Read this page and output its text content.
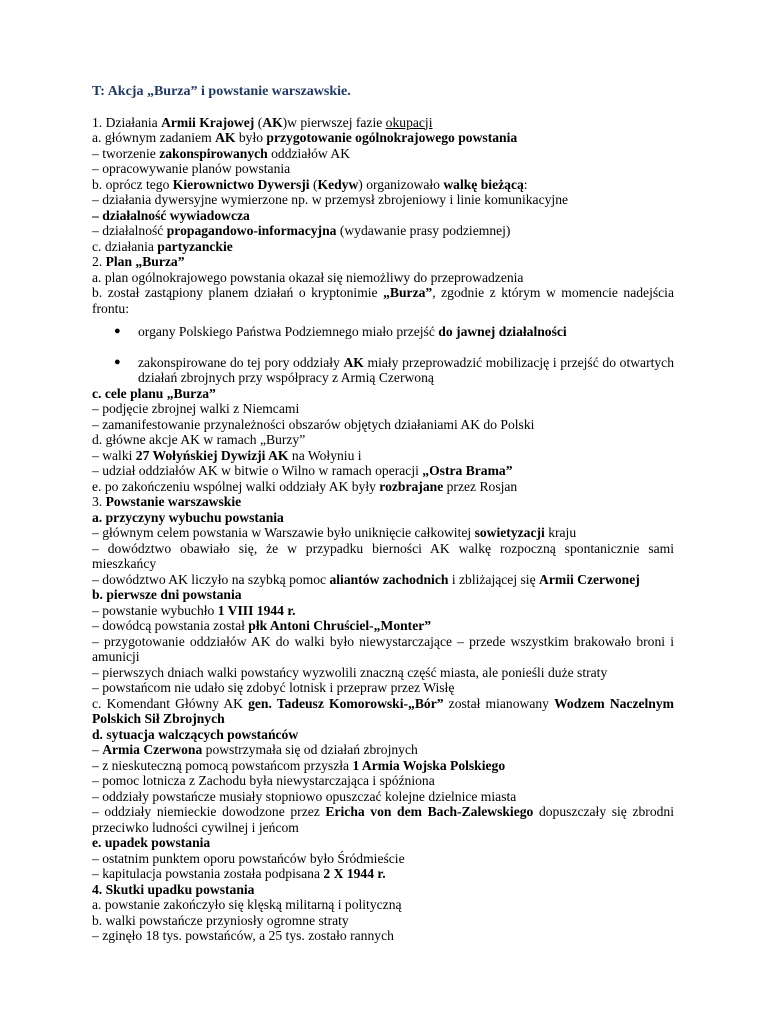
T: Akcja „Burza” i powstanie warszawskie.
1. Działania Armii Krajowej (AK)w pierwszej fazie okupacji
a. głównym zadaniem AK było przygotowanie ogólnokrajowego powstania
– tworzenie zakonspirowanych oddziałów AK
– opracowywanie planów powstania
b. oprócz tego Kierownictwo Dywersji (Kedyw) organizowało walkę bieżącą:
– działania dywersyjne wymierzone np. w przemysł zbrojeniowy i linie komunikacyjne
– działalność wywiadowcza
– działalność propagandowo-informacyjna (wydawanie prasy podziemnej)
c. działania partyzanckie
2. Plan „Burza”
a. plan ogólnokrajowego powstania okazał się niemożliwy do przeprowadzenia
b. został zastąpiony planem działań o kryptonimie „Burza”, zgodnie z którym w momencie nadejścia frontu:
● organy Polskiego Państwa Podziemnego miało przejść do jawnej działalności
● zakonspirowane do tej pory oddziały AK miały przeprowadzić mobilizację i przejść do otwartych działań zbrojnych przy współpracy z Armią Czerwoną
c. cele planu „Burza”
– podjęcie zbrojnej walki z Niemcami
– zamanifestowanie przynależności obszarów objętych działaniami AK do Polski
d. główne akcje AK w ramach „Burzy”
– walki 27 Wołyńskiej Dywizji AK na Wołyniu i
– udział oddziałów AK w bitwie o Wilno w ramach operacji „Ostra Brama”
e. po zakończeniu wspólnej walki oddziały AK były rozbrajane przez Rosjan
3. Powstanie warszawskie
a. przyczyny wybuchu powstania
– głównym celem powstania w Warszawie było uniknięcie całkowitej sowietyzacji kraju
– dowództwo obawiało się, że w przypadku bierności AK walkę rozpoczną spontanicznie sami mieszkańcy
– dowództwo AK liczyło na szybką pomoc aliantów zachodnich i zbliżającej się Armii Czerwonej
b. pierwsze dni powstania
– powstanie wybuchło 1 VIII 1944 r.
– dowódcą powstania został płk Antoni Chruściel-„Monter”
– przygotowanie oddziałów AK do walki było niewystarczające – przede wszystkim brakowało broni i amunicji
– pierwszych dniach walki powstańcy wyzwolili znaczną część miasta, ale ponieśli duże straty
– powstańcom nie udało się zdobyć lotnisk i przepraw przez Wisłę
c. Komendant Główny AK gen. Tadeusz Komorowski-„Bór” został mianowany Wodzem Naczelnym Polskich Sił Zbrojnych
d. sytuacja walczących powstańców
– Armia Czerwona powstrzymała się od działań zbrojnych
– z nieskuteczną pomocą powstańcom przyszła 1 Armia Wojska Polskiego
– pomoc lotnicza z Zachodu była niewystarczająca i spóźniona
– oddziały powstańcze musiały stopniowo opuszczać kolejne dzielnice miasta
– oddziały niemieckie dowodzone przez Ericha von dem Bach-Zalewskiego dopuszczały się zbrodni przeciwko ludności cywilnej i jeńcom
e. upadek powstania
– ostatnim punktem oporu powstańców było Śródmieście
– kapitulacja powstania została podpisana 2 X 1944 r.
4. Skutki upadku powstania
a. powstanie zakończyło się klęską militarną i polityczną
b. walki powstańcze przyniosły ogromne straty
– zginęło 18 tys. powstańców, a 25 tys. zostało rannych
